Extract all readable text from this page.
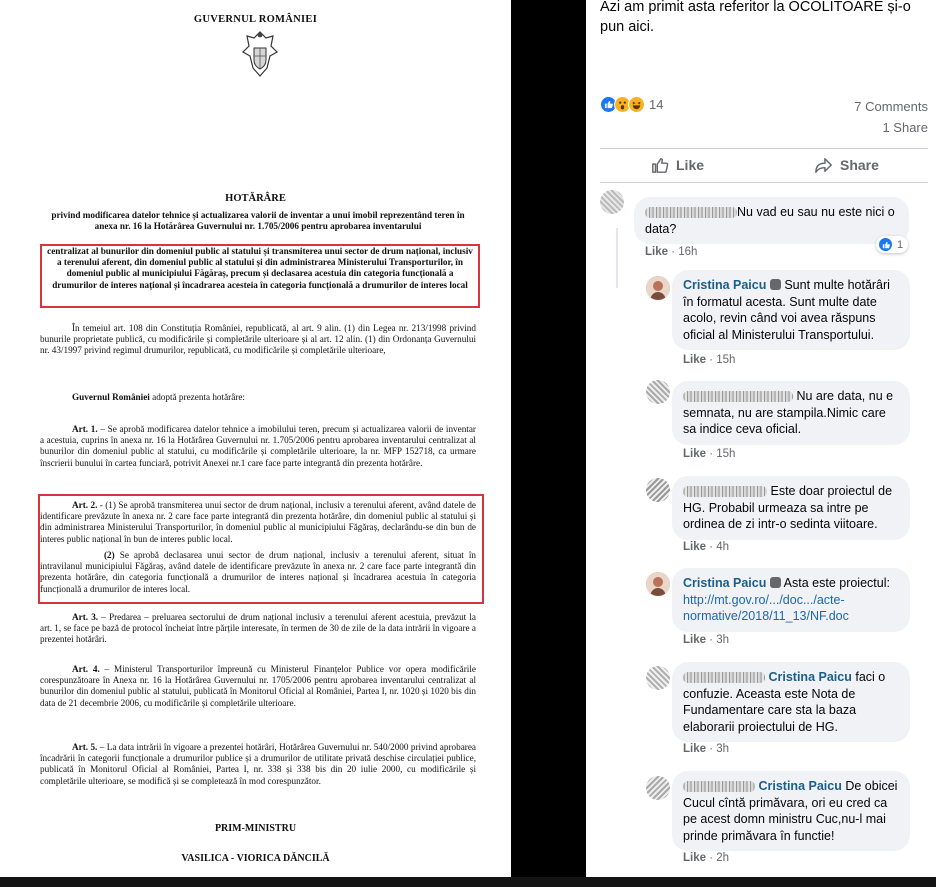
GUVERNUL ROMÂNIEI
HOTĂRÂRE
privind modificarea datelor tehnice și actualizarea valorii de inventar a unui imobil reprezentând teren în anexa nr. 16 la Hotărârea Guvernului nr. 1.705/2006 pentru aprobarea inventarului
centralizat al bunurilor din domeniul public al statului și transmiterea unui sector de drum național, inclusiv a terenului aferent, din domeniul public al statului și din administrarea Ministerului Transporturilor, în domeniul public al municipiului Făgăraș, precum și declasarea acestuia din categoria funcțională a drumurilor de interes național și încadrarea acesteia în categoria funcțională a drumurilor de interes local
În temeiul art. 108 din Constituția României, republicată, al art. 9 alin. (1) din Legea nr. 213/1998 privind bunurile proprietate publică, cu modificările și completările ulterioare și al art. 12 alin. (1) din Ordonanța Guvernului nr. 43/1997 privind regimul drumurilor, republicată, cu modificările și completările ulterioare,
Guvernul României adoptă prezenta hotărâre:
Art. 1. – Se aprobă modificarea datelor tehnice a imobilului teren, precum și actualizarea valorii de inventar a acestuia, cuprins în anexa nr. 16 la Hotărârea Guvernului nr. 1.705/2006 pentru aprobarea inventarului centralizat al bunurilor din domeniul public al statului, cu modificările și completările ulterioare, la nr. MFP 152718, ca urmare înscrierii bunului în cartea funciară, potrivit Anexei nr.1 care face parte integrantă din prezenta hotărâre.
Art. 2. - (1) Se aprobă transmiterea unui sector de drum național, inclusiv a terenului aferent, având datele de identificare prevăzute în anexa nr. 2 care face parte integrantă din prezenta hotărâre, din domeniul public al statului și din administrarea Ministerului Transporturilor, în domeniul public al municipiului Făgăraș, declarându-se din bun de interes public național în bun de interes public local.
(2) Se aprobă declasarea unui sector de drum național, inclusiv a terenului aferent, situat în intravilanul municipiului Făgăraș, având datele de identificare prevăzute în anexa nr. 2 care face parte integrantă din prezenta hotărâre, din categoria funcțională a drumurilor de interes național și încadrarea acestuia în categoria funcțională a drumurilor de interes local.
Art. 3. – Predarea – preluarea sectorului de drum național inclusiv a terenului aferent acestuia, prevăzut la art. 1, se face pe bază de protocol încheiat între părțile interesate, în termen de 30 de zile de la data intrării în vigoare a prezentei hotărâri.
Art. 4. – Ministerul Transporturilor împreună cu Ministerul Finanțelor Publice vor opera modificările corespunzătoare în Anexa nr. 16 la Hotărârea Guvernului nr. 1705/2006 pentru aprobarea inventarului centralizat al bunurilor din domeniul public al statului, publicată în Monitorul Oficial al României, Partea I, nr. 1020 și 1020 bis din data de 21 decembrie 2006, cu modificările și completările ulterioare.
Art. 5. – La data intrării în vigoare a prezentei hotărâri, Hotărârea Guvernului nr. 540/2000 privind aprobarea încadrării în categorii funcționale a drumurilor publice și a drumurilor de utilitate privată deschise circulației publice, publicată în Monitorul Oficial al României, Partea I, nr. 338 și 338 bis din 20 iulie 2000, cu modificările și completările ulterioare, se modifică și se completează în mod corespunzător.
PRIM-MINISTRU
VASILICA - VIORICA DĂNCILĂ
Azi am primit asta referitor la OCOLITOARE și-o pun aici.
14	7 Comments
1 Share
Like	Share
Nu vad eu sau nu este nici o data?
1
Like · 16h
Cristina Paicu Sunt multe hotărâri în formatul acesta. Sunt multe date acolo, revin când voi avea răspuns oficial al Ministerului Transportului.
Like · 15h
Nu are data, nu e semnata, nu are stampila.Nimic care sa indice ceva oficial.
Like · 15h
Este doar proiectul de HG. Probabil urmeaza sa intre pe ordinea de zi intr-o sedinta viitoare.
Like · 4h
Cristina Paicu Asta este proiectul: http://mt.gov.ro/.../doc.../acte-normative/2018/11_13/NF.doc
Like · 3h
Cristina Paicu faci o confuzie. Aceasta este Nota de Fundamentare care sta la baza elaborarii proiectului de HG.
Like · 3h
Cristina Paicu De obicei Cucul cîntă primăvara, ori eu cred ca pe acest domn ministru Cuc,nu-l mai prinde primăvara în functie!
Like · 2h
